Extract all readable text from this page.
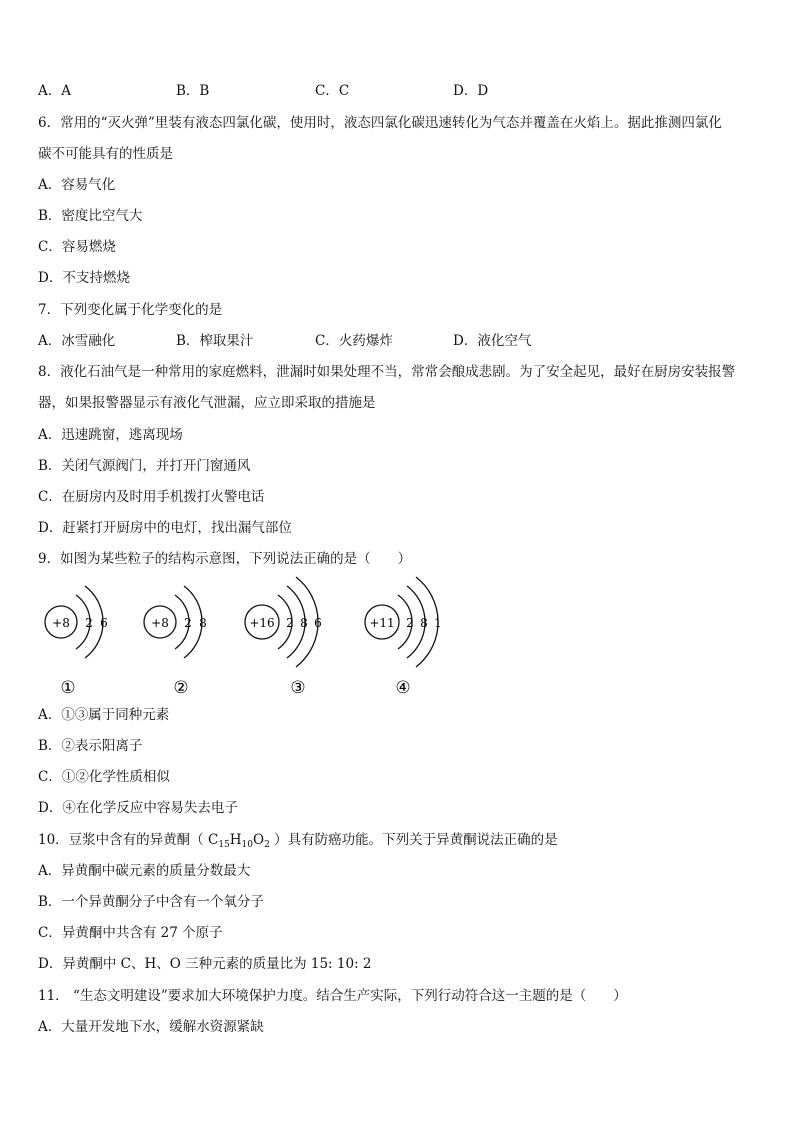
A．A	B．B	C．C	D．D
6．常用的“灭火弹”里装有液态四氯化碳，使用时，液态四氯化碳迅速转化为气态并覆盖在火焰上。据此推测四氯化
碳不可能具有的性质是
A．容易气化
B．密度比空气大
C．容易燃烧
D．不支持燃烧
7．下列变化属于化学变化的是
A．冰雪融化	B．榨取果汁	C．火药爆炸	D．液化空气
8．液化石油气是一种常用的家庭燃料，泄漏时如果处理不当，常常会酿成悲剧。为了安全起见，最好在厨房安装报警
器，如果报警器显示有液化气泄漏，应立即采取的措施是
A．迅速跳窗，逃离现场
B．关闭气源阀门，并打开门窗通风
C．在厨房内及时用手机拨打火警电话
D．赶紧打开厨房中的电灯，找出漏气部位
9．如图为某些粒子的结构示意图，下列说法正确的是（　　）
+8 2 6
①
+8 2 8
②
+16 2 8 6
③
+11 2 8 1
④
A．①③属于同种元素
B．②表示阳离子
C．①②化学性质相似
D．④在化学反应中容易失去电子
10．豆浆中含有的异黄酮（ $C_{15}H_{10}O_2$ ）具有防癌功能。下列关于异黄酮说法正确的是
A．异黄酮中碳元素的质量分数最大
B．一个异黄酮分子中含有一个氧分子
C．异黄酮中共含有 27 个原子
D．异黄酮中 C、H、O 三种元素的质量比为 15: 10: 2
11． “生态文明建设”要求加大环境保护力度。结合生产实际，下列行动符合这一主题的是（　　）
A．大量开发地下水，缓解水资源紧缺
